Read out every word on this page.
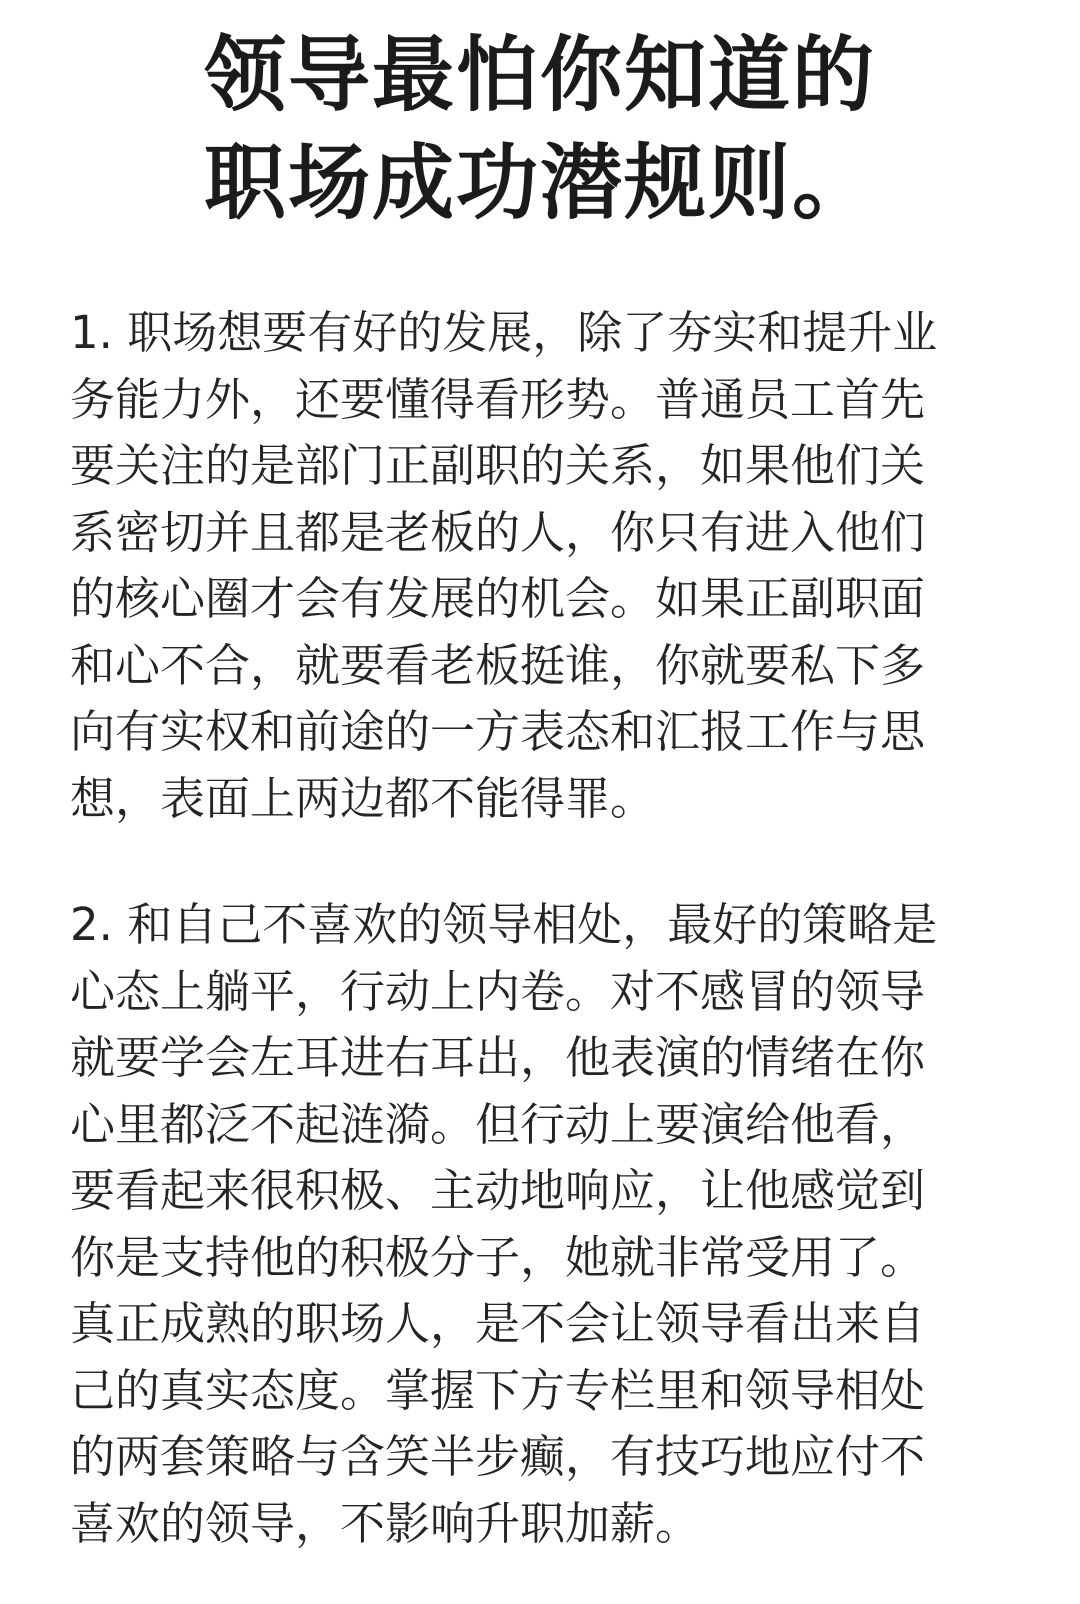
领导最怕你知道的
职场成功潜规则。
1. 职场想要有好的发展，除了夯实和提升业
务能力外，还要懂得看形势。普通员工首先
要关注的是部门正副职的关系，如果他们关
系密切并且都是老板的人，你只有进入他们
的核心圈才会有发展的机会。如果正副职面
和心不合，就要看老板挺谁，你就要私下多
向有实权和前途的一方表态和汇报工作与思
想，表面上两边都不能得罪。
2. 和自己不喜欢的领导相处，最好的策略是
心态上躺平，行动上内卷。对不感冒的领导
就要学会左耳进右耳出，他表演的情绪在你
心里都泛不起涟漪。但行动上要演给他看，
要看起来很积极、主动地响应，让他感觉到
你是支持他的积极分子，她就非常受用了。
真正成熟的职场人，是不会让领导看出来自
己的真实态度。掌握下方专栏里和领导相处
的两套策略与含笑半步癫，有技巧地应付不
喜欢的领导，不影响升职加薪。
